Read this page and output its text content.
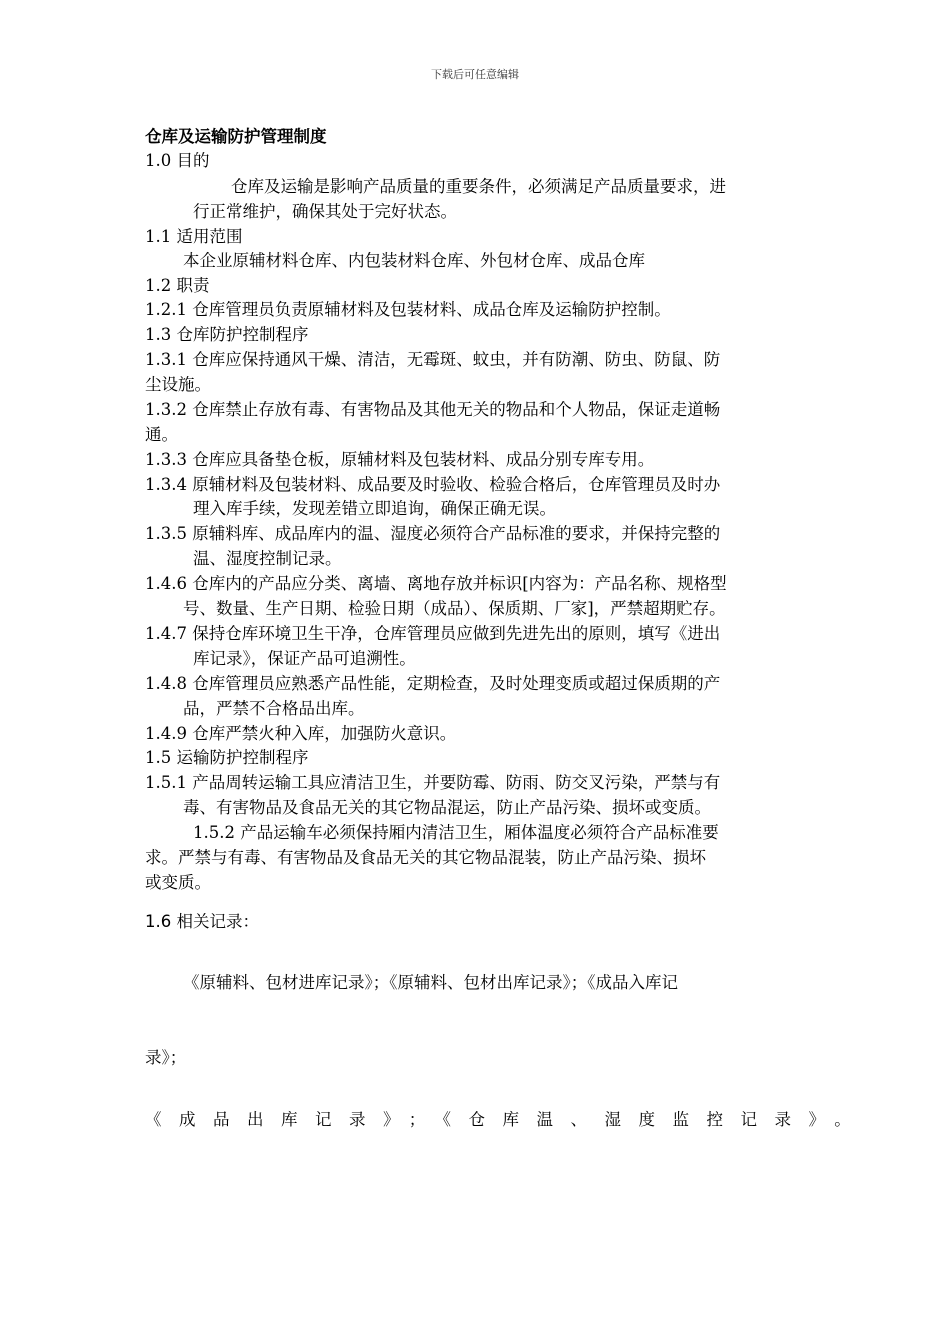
下载后可任意编辑
仓库及运输防护管理制度
1.0 目的
仓库及运输是影响产品质量的重要条件，必须满足产品质量要求，进
行正常维护，确保其处于完好状态。
1.1 适用范围
本企业原辅材料仓库、内包装材料仓库、外包材仓库、成品仓库
1.2 职责
1.2.1 仓库管理员负责原辅材料及包装材料、成品仓库及运输防护控制。
1.3 仓库防护控制程序
1.3.1 仓库应保持通风干燥、清洁，无霉斑、蚊虫，并有防潮、防虫、防鼠、防
尘设施。
1.3.2 仓库禁止存放有毒、有害物品及其他无关的物品和个人物品，保证走道畅
通。
1.3.3 仓库应具备垫仓板，原辅材料及包装材料、成品分别专库专用。
1.3.4 原辅材料及包装材料、成品要及时验收、检验合格后，仓库管理员及时办
理入库手续，发现差错立即追询，确保正确无误。
1.3.5 原辅料库、成品库内的温、湿度必须符合产品标准的要求，并保持完整的
温、湿度控制记录。
1.4.6 仓库内的产品应分类、离墙、离地存放并标识[内容为：产品名称、规格型
号、数量、生产日期、检验日期（成品）、保质期、厂家]，严禁超期贮存。
1.4.7 保持仓库环境卫生干净，仓库管理员应做到先进先出的原则，填写《进出
库记录》，保证产品可追溯性。
1.4.8 仓库管理员应熟悉产品性能，定期检查，及时处理变质或超过保质期的产
品，严禁不合格品出库。
1.4.9 仓库严禁火种入库，加强防火意识。
1.5 运输防护控制程序
1.5.1 产品周转运输工具应清洁卫生，并要防霉、防雨、防交叉污染，严禁与有
毒、有害物品及食品无关的其它物品混运，防止产品污染、损坏或变质。
1.5.2 产品运输车必须保持厢内清洁卫生，厢体温度必须符合产品标准要
求。严禁与有毒、有害物品及食品无关的其它物品混装，防止产品污染、损坏
或变质。
1.6 相关记录：
《原辅料、包材进库记录》；《原辅料、包材出库记录》；《成品入库记
录》；
《成品出库记录》；《仓库温、湿度监控记录》。
